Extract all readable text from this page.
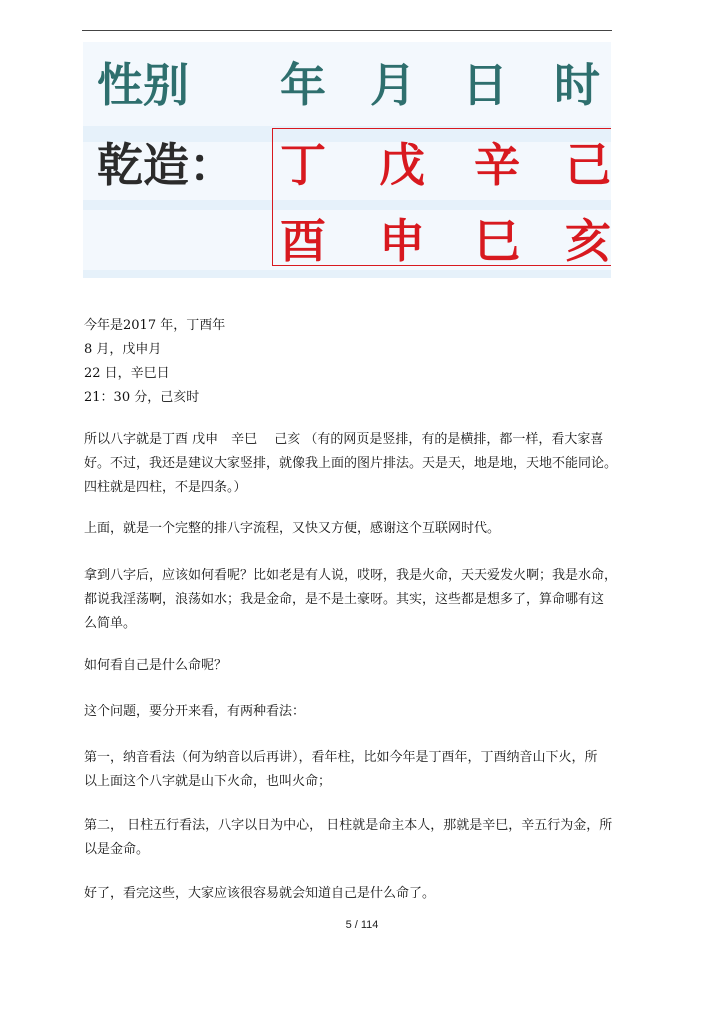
性别 年 月 日 时
乾造： 丁 戊 辛 己
酉 申 巳 亥

今年是2017 年，丁酉年

8 月，戊申月

22 日，辛巳日

21：30 分，己亥时

所以八字就是丁酉 戊申　辛巳　 己亥 （有的网页是竖排，有的是横排，都一样，看大家喜

好。不过，我还是建议大家竖排，就像我上面的图片排法。天是天，地是地，天地不能同论。

四柱就是四柱，不是四条。）

上面，就是一个完整的排八字流程，又快又方便，感谢这个互联网时代。

拿到八字后，应该如何看呢？比如老是有人说，哎呀，我是火命，天天爱发火啊；我是水命，

都说我淫荡啊，浪荡如水；我是金命，是不是土豪呀。其实，这些都是想多了，算命哪有这

么简单。

如何看自己是什么命呢？

这个问题，要分开来看，有两种看法：

第一，纳音看法（何为纳音以后再讲），看年柱，比如今年是丁酉年，丁酉纳音山下火，所

以上面这个八字就是山下火命，也叫火命；

第二， 日柱五行看法，八字以日为中心， 日柱就是命主本人，那就是辛巳，辛五行为金，所

以是金命。

好了，看完这些，大家应该很容易就会知道自己是什么命了。

5 / 114
